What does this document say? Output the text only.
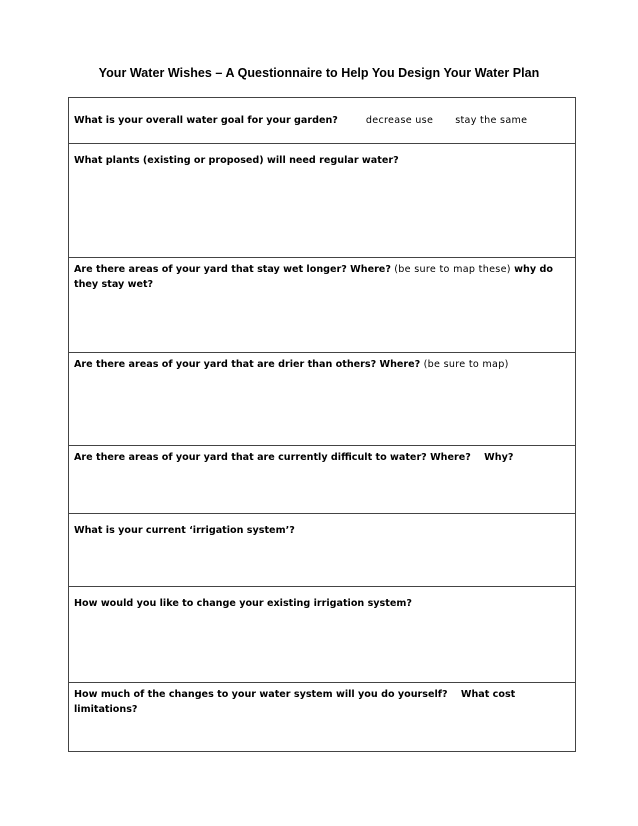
Your Water Wishes – A Questionnaire to Help You Design Your Water Plan
What is your overall water goal for your garden?	decrease use stay the same
What plants (existing or proposed) will need regular water?
Are there areas of your yard that stay wet longer? Where? (be sure to map these) why do they stay wet?
Are there areas of your yard that are drier than others? Where? (be sure to map)
Are there areas of your yard that are currently difficult to water? Where? Why?
What is your current ‘irrigation system’?
How would you like to change your existing irrigation system?
How much of the changes to your water system will you do yourself? What cost limitations?
